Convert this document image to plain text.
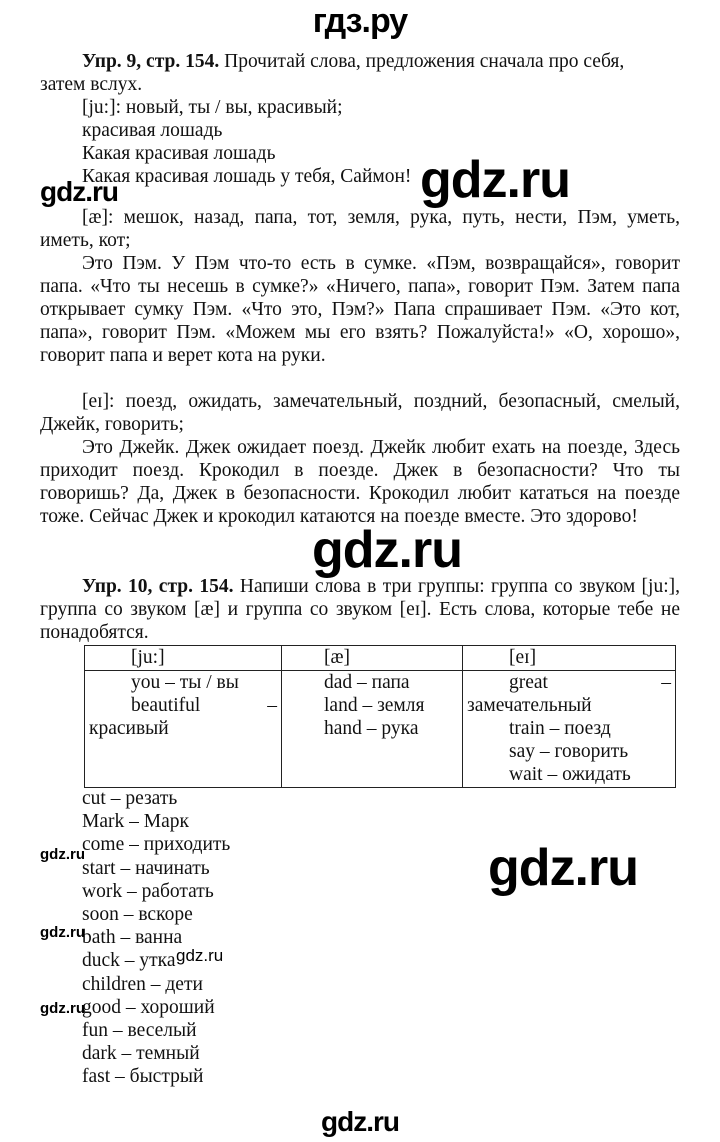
гдз.ру
Упр. 9, стр. 154. Прочитай слова, предложения сначала про себя,
затем вслух.
[ju:]: новый, ты / вы, красивый;
красивая лошадь
Какая красивая лошадь
Какая красивая лошадь у тебя, Саймон! gdz.ru
gdz.ru
[æ]: мешок, назад, папа, тот, земля, рука, путь, нести, Пэм, уметь, иметь, кот;
Это Пэм. У Пэм что-то есть в сумке. «Пэм, возвращайся», говорит папа. «Что ты несешь в сумке?» «Ничего, папа», говорит Пэм. Затем папа открывает сумку Пэм. «Что это, Пэм?» Папа спрашивает Пэм. «Это кот, папа», говорит Пэм. «Можем мы его взять? Пожалуйста!» «О, хорошо», говорит папа и верет кота на руки.
[eɪ]: поезд, ожидать, замечательный, поздний, безопасный, смелый, Джейк, говорить;
Это Джейк. Джек ожидает поезд. Джейк любит ехать на поезде, Здесь приходит поезд. Крокодил в поезде. Джек в безопасности? Что ты говоришь? Да, Джек в безопасности. Крокодил любит кататься на поезде тоже. Сейчас Джек и крокодил катаются на поезде вместе. Это здорово!
gdz.ru
Упр. 10, стр. 154. Напиши слова в три группы: группа со звуком [ju:], группа со звуком [æ] и группа со звуком [eɪ]. Есть слова, которые тебе не понадобятся.
[ju:]	[æ]	[eɪ]

you – ты / вы
beautiful	–
красивый

dad – папа
land – земля
hand – рука

great	–
замечательный
train – поезд
say – говорить
wait – ожидать
cut – резать
Mark – Марк
come – приходить
start – начинать
work – работать
soon – вскоре
bath – ванна
duck – утка
children – дети
good – хороший
fun – веселый
dark – темный
fast – быстрый
gdz.ru
gdz.ru
gdz.ru
gdz.ru
gdz.ru
gdz.ru
